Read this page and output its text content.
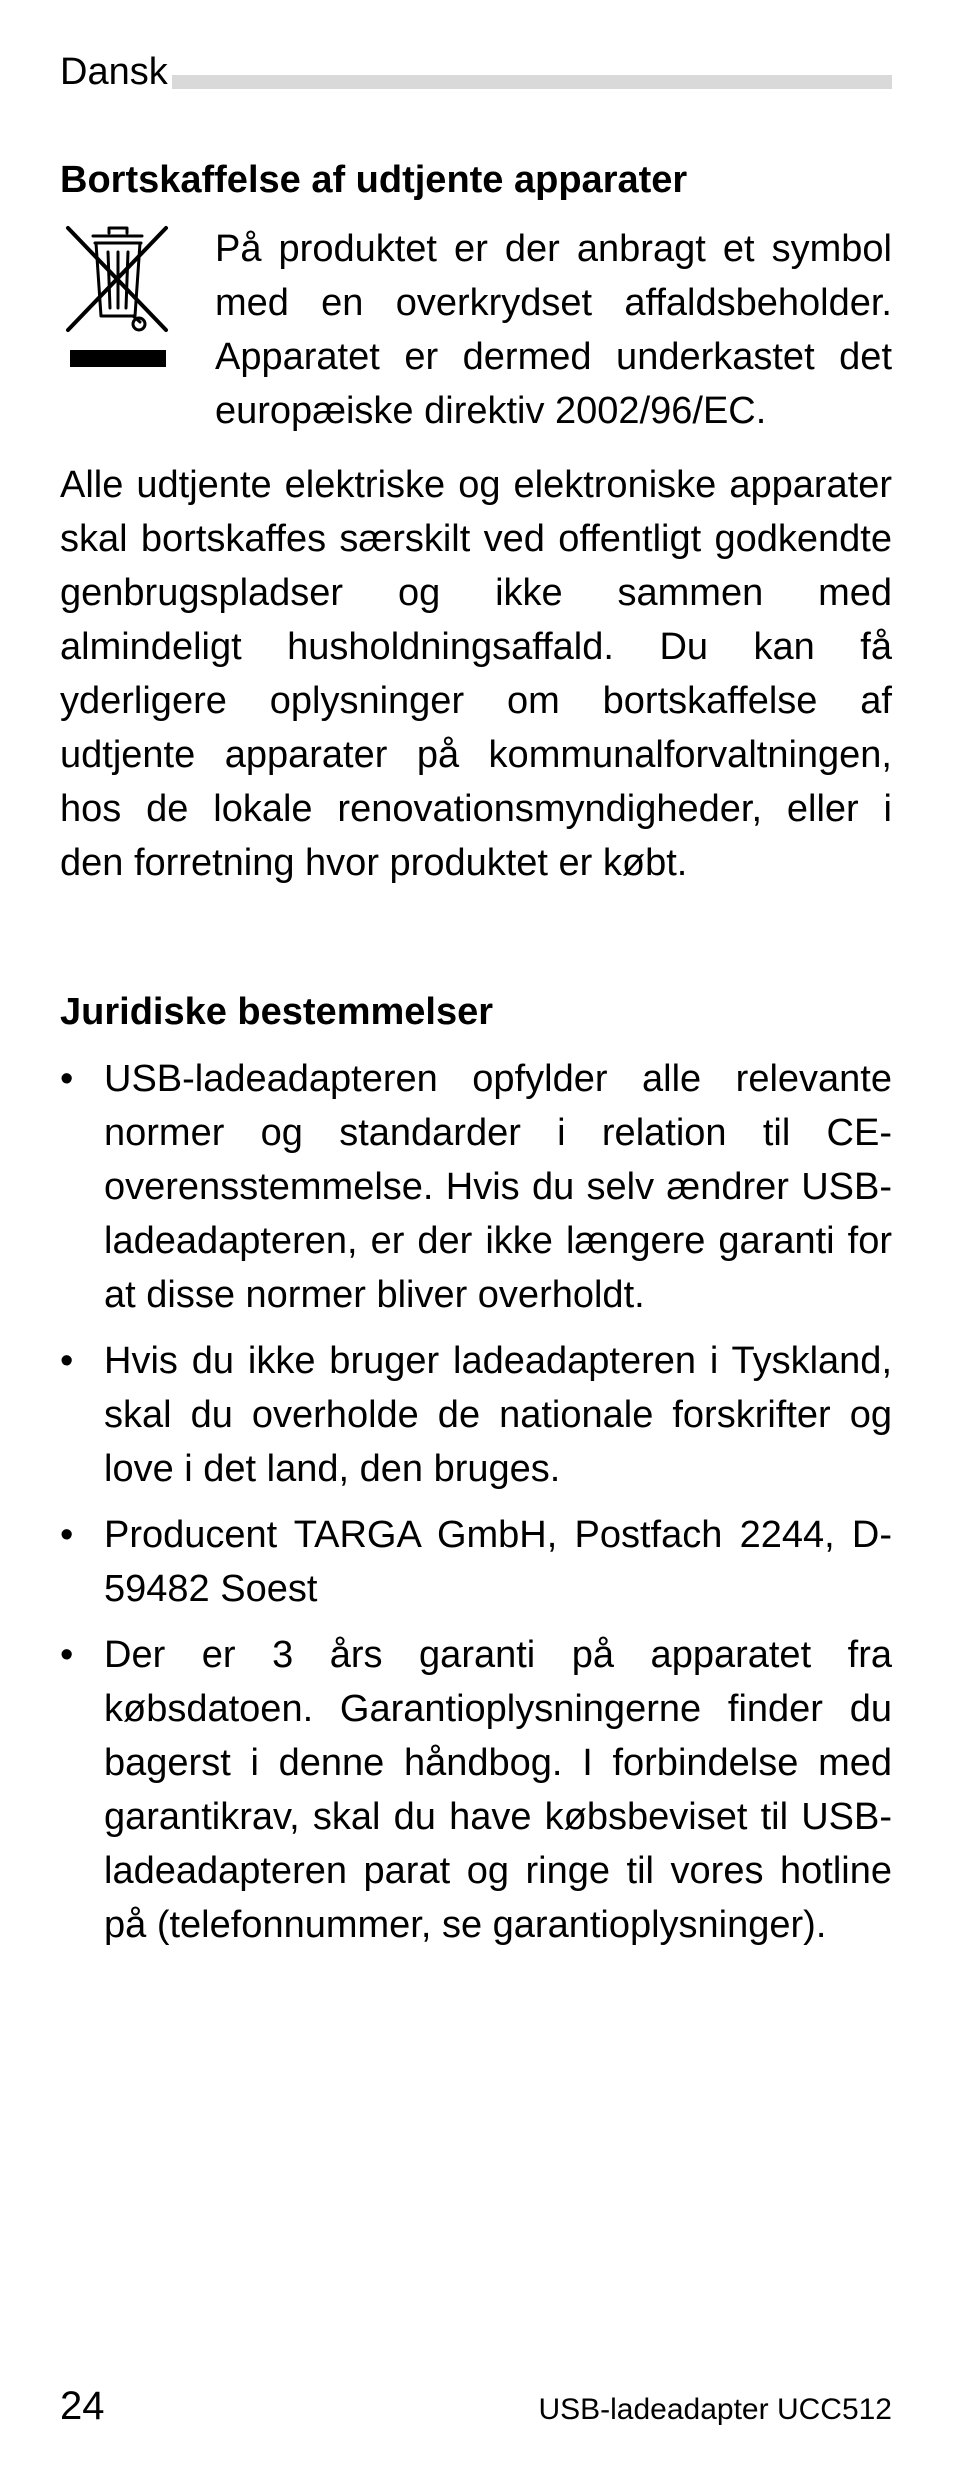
Dansk
Bortskaffelse af udtjente apparater
På produktet er der anbragt et symbol med en overkrydset affaldsbeholder. Apparatet er dermed underkastet det europæiske direktiv 2002/96/EC.
Alle udtjente elektriske og elektroniske apparater skal bortskaffes særskilt ved offentligt godkendte genbrugspladser og ikke sammen med almindeligt husholdningsaffald. Du kan få yderligere oplysninger om bortskaffelse af udtjente apparater på kommunalforvaltningen, hos de lokale renovationsmyndigheder, eller i den forretning hvor produktet er købt.
Juridiske bestemmelser
• USB-ladeadapteren opfylder alle relevante normer og standarder i relation til CE-overensstemmelse. Hvis du selv ændrer USB-ladeadapteren, er der ikke længere garanti for at disse normer bliver overholdt.
• Hvis du ikke bruger ladeadapteren i Tyskland, skal du overholde de nationale forskrifter og love i det land, den bruges.
• Producent TARGA GmbH, Postfach 2244, D-59482 Soest
• Der er 3 års garanti på apparatet fra købsdatoen. Garantioplysningerne finder du bagerst i denne håndbog. I forbindelse med garantikrav, skal du have købsbeviset til USB-ladeadapteren parat og ringe til vores hotline på (telefonnummer, se garantioplysninger).
24	USB-ladeadapter UCC512
